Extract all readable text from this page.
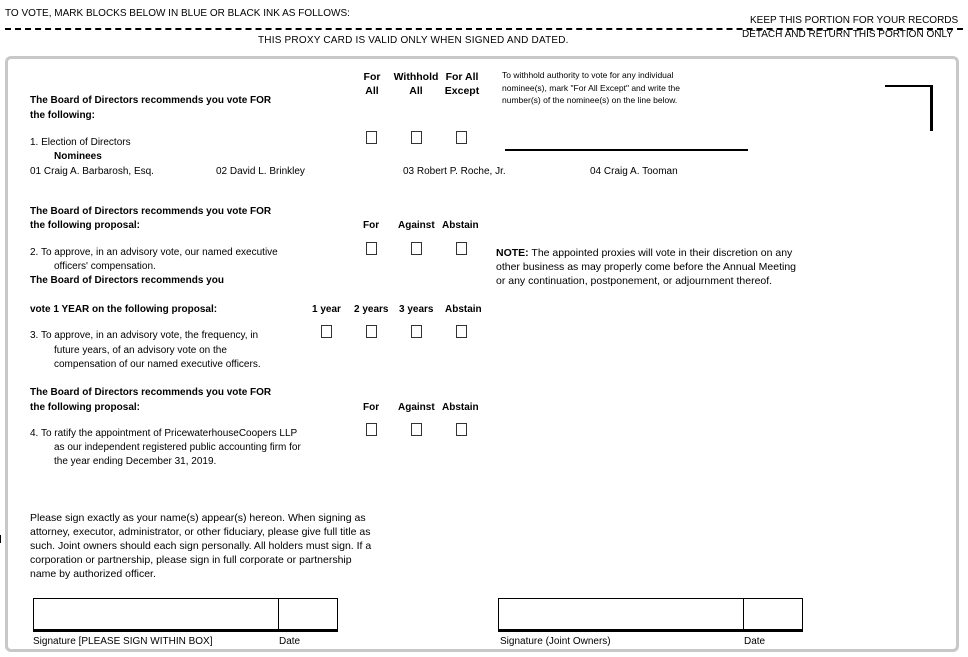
TO VOTE, MARK BLOCKS BELOW IN BLUE OR BLACK INK AS FOLLOWS:
KEEP THIS PORTION FOR YOUR RECORDS
THIS PROXY CARD IS VALID ONLY WHEN SIGNED AND DATED.
DETACH AND RETURN THIS PORTION ONLY
The Board of Directors recommends you vote FOR
the following:
For
All
Withhold
All
For All
Except
To withhold authority to vote for any individual nominee(s), mark "For All Except" and write the number(s) of the nominee(s) on the line below.
1. Election of Directors
Nominees
01 Craig A. Barbarosh, Esq.	02 David L. Brinkley	03 Robert P. Roche, Jr.	04 Craig A. Tooman
The Board of Directors recommends you vote FOR
the following proposal:	For Against Abstain
2. To approve, in an advisory vote, our named executive
officers' compensation.
NOTE: The appointed proxies will vote in their discretion on any other business as may properly come before the Annual Meeting or any continuation, postponement, or adjournment thereof.
The Board of Directors recommends you
vote 1 YEAR on the following proposal:	1 year 2 years 3 years Abstain
3. To approve, in an advisory vote, the frequency, in
future years, of an advisory vote on the
compensation of our named executive officers.
The Board of Directors recommends you vote FOR
the following proposal:	For Against Abstain
4. To ratify the appointment of PricewaterhouseCoopers LLP
as our independent registered public accounting firm for
the year ending December 31, 2019.
Please sign exactly as your name(s) appear(s) hereon. When signing as attorney, executor, administrator, or other fiduciary, please give full title as such. Joint owners should each sign personally. All holders must sign. If a corporation or partnership, please sign in full corporate or partnership name by authorized officer.
Signature [PLEASE SIGN WITHIN BOX]	Date	Signature (Joint Owners)	Date
